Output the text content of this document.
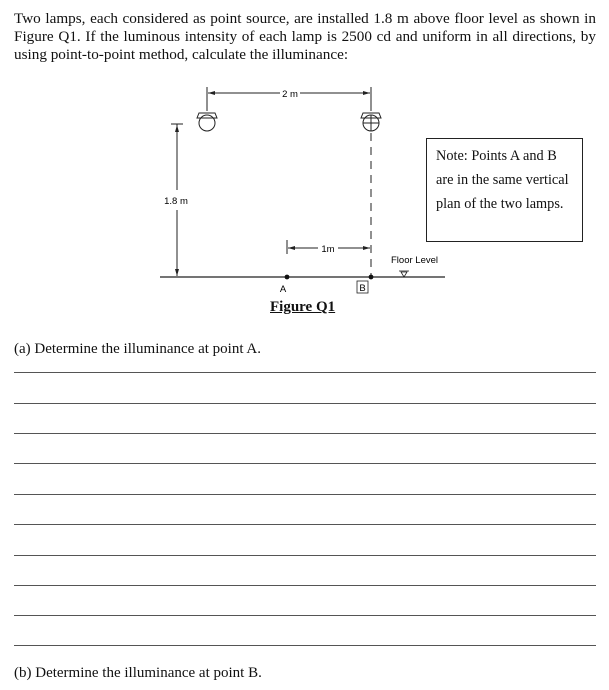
Two lamps, each considered as point source, are installed 1.8 m above floor level as shown in Figure Q1. If the luminous intensity of each lamp is 2500 cd and uniform in all directions, by using point-to-point method, calculate the illuminance:
2 m
1.8 m
1m
A	B
Floor Level
Note: Points A and B are in the same vertical plan of the two lamps.
Figure Q1
(a) Determine the illuminance at point A.
(b) Determine the illuminance at point B.
